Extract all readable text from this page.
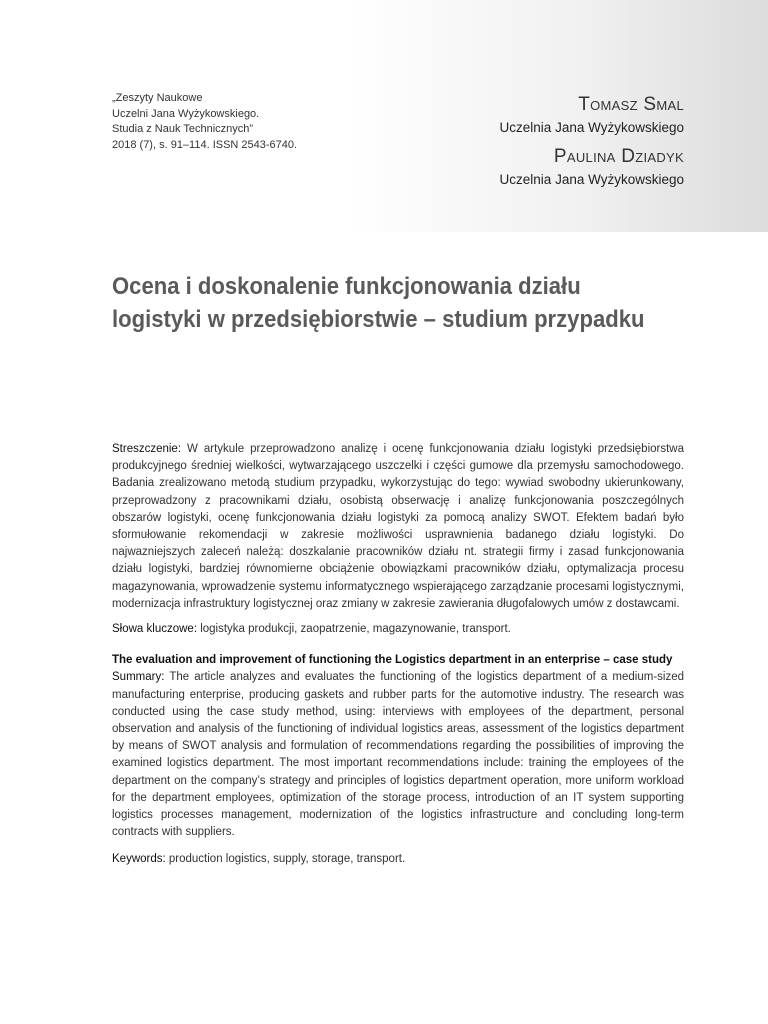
„Zeszyty Naukowe
Uczelni Jana Wyżykowskiego.
Studia z Nauk Technicznych”
2018 (7), s. 91–114. ISSN 2543-6740.
Tomasz Smal
Uczelnia Jana Wyżykowskiego
Paulina Dziadyk
Uczelnia Jana Wyżykowskiego
Ocena i doskonalenie funkcjonowania działu
logistyki w przedsiębiorstwie – studium przypadku

Streszczenie: W artykule przeprowadzono analizę i ocenę funkcjonowania działu logistyki przedsiębiorstwa produkcyjnego średniej wielkości, wytwarzającego uszczelki i części gumowe dla przemysłu samochodowego. Badania zrealizowano metodą studium przypadku, wykorzystując do tego: wywiad swobodny ukierunkowany, przeprowadzony z pracownikami działu, osobistą obserwację i analizę funkcjonowania poszczególnych obszarów logistyki, ocenę funkcjonowania działu logistyki za pomocą analizy SWOT. Efektem badań było sformułowanie rekomendacji w zakresie możliwości usprawnienia badanego działu logistyki. Do najwazniejszych zaleceń należą: doszkalanie pracowników działu nt. strategii firmy i zasad funkcjonowania działu logistyki, bardziej równomierne obciążenie obowiązkami pracowników działu, optymalizacja procesu magazynowania, wprowadzenie systemu informatycznego wspierającego zarządzanie procesami logistycznymi, modernizacja infrastruktury logistycznej oraz zmiany w zakresie zawierania długofalowych umów z dostawcami.

Słowa kluczowe: logistyka produkcji, zaopatrzenie, magazynowanie, transport.

The evaluation and improvement of functioning the Logistics department in an enterprise – case study

Summary: The article analyzes and evaluates the functioning of the logistics department of a medium-sized manufacturing enterprise, producing gaskets and rubber parts for the automotive industry. The research was conducted using the case study method, using: interviews with employees of the department, personal observation and analysis of the functioning of individual logistics areas, assessment of the logistics department by means of SWOT analysis and formulation of recommendations regarding the possibilities of improving the examined logistics department. The most important recommendations include: training the employees of the department on the company’s strategy and principles of logistics department operation, more uniform workload for the department employees, optimization of the storage process, introduction of an IT system supporting logistics processes management, modernization of the logistics infrastructure and concluding long-term contracts with suppliers.

Keywords: production logistics, supply, storage, transport.
